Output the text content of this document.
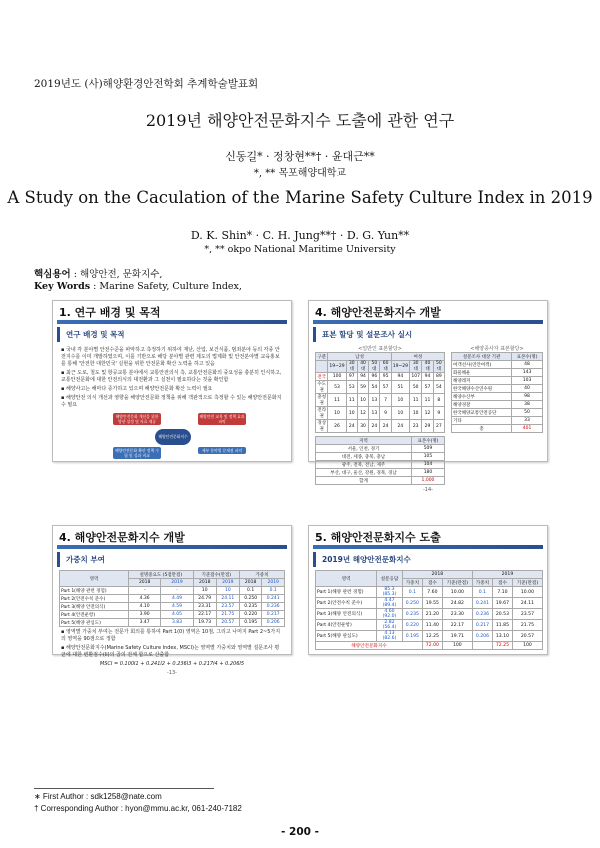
2019년도 (사)해양환경안전학회 추계학술발표회
2019년 해양안전문화지수 도출에 관한 연구
신동길* · 정창현**† · 윤대근**
*, ** 목포해양대학교
A Study on the Caculation of the Marine Safety Culture Index in 2019
D. K. Shin* · C. H. Jung**† · D. G. Yun**
*, ** okpo National Maritime University
핵심용어 : 해양안전, 문화지수,
Key Words : Marine Safety, Culture Index,
1. 연구 배경 및 목적
연구 배경 및 목적
▪ 국내 각 분야별 안전수준을 파악하고 측정하기 위하여 재난, 산업, 보건식품, 범죄분야 등의 각종 안전지수를 이미 개발하였으며, 이를 기반으로 해당 분야별 관련 제도의 법제화 및 안전분야별 교육홍보를 통해 '안전한 대한민국' 실현을 위한 안전문화 확산 노력을 하고 있음
▪ 최근 도로, 철도 및 항공교통 분야에서 교통안전의식 측, 교통안전문화의 중요성을 충분히 인식하고, 교통안전문화에 대한 안전의식의 대전환과 그 실천이 필요하다는 것을 확인함
▪ 해양사고는 해마다 증가하고 있으며 해양안전문화 확산 노력이 필요
▪ 해양안전 의식 개선과 영향을 해양안전문화 정책을 위해 객관적으로 측정할 수 있는 해양안전문화지수 필요
해양안전문화 개선을 위한 방향 설정 및 자료 제공
해양안전문화지수
해양안전 교육 및 정책 효과 파악
해양안전문화 확산 정책 수립 및 성과 비교
세부 분야별 문제점 파악
4. 해양안전문화지수 개발
표본 할당 및 설문조사 실시
<일반인 표본할당>
구분	남성					여성			
	19~29	30대	40대	50대	60대	19~29	30대	40대	50대
전국	100	97	94	96	95	94	107	94	89
수도권	53	53	59	54	57	51	50	57	54
충청권	11	11	10	13	7	10	11	11	8
전라권	10	10	12	13	9	10	10	12	9
경상권	26	24	30	24	24	24	23	29	27
지역	표본수(명)
서울, 인천, 경기	509
대전, 세종, 충북, 충남	105
광주, 전북, 전남, 제주	104
부산, 대구, 울산, 강원, 경북, 경남	180
합계	1,000
<해양종사자 표본할당>
설문조사 대상 기관	표본수(명)
여객선사(연안여객)	48
화물해운	143
해양레저	103
한국해양수산연수원	40
해양수산부	98
해양경찰	38
한국해양교통안전공단	50
기타	33
총	401
-14-
4. 해양안전문화지수 개발
가중치 부여
영역	설명중요도 (5점만점)		기준점수(만점)		가중치	
	2018	2019	2018	2019	2018	2019
Part 1(해양 관련 경험)	-	-	10	10	0.1	0.1
Part 2(안전수칙 준수)	4.36	4.49	24.79	24.11	0.250	0.241
Part 3(해양 안전의식)	4.10	4.59	23.31	23.57	0.235	0.236
Part 4(안전운항)	3.90	4.05	22.17	21.75	0.220	0.217
Part 5(해양 관심도)	3.47	3.83	19.73	20.57	0.195	0.206
▪ 영역별 가중치 부여는 전문가 회의를 통하여 Part 1(0) 영역은 10점, 그리고 나머지 Part 2~5가지의 영역을 90점으로 정함
▪ 해양안전문화지수(Marine Safety Culture Index, MSCI)는 영역별 가중치와 영역별 설문조사 평균에 대한 변환점수(Ii)의 곱의 전체 합으로 산출함
MSCI = 0.100I1 + 0.241I2 + 0.236I3 + 0.217I4 + 0.206I5
-13-
5. 해양안전문화지수 도출
2019년 해양안전문화지수
영역	설문응답	2018			2019		
		가중치	점수	기준(만점)	가중치	점수	기준(만점)
Part 1(해양 관련 경험)	85.3
(85.3)	0.1	7.60	10.00	0.1	7.10	10.00
Part 2(안전수칙 준수)	4.47
(89.4)	0.250	19.55	24.82	0.241	19.67	24.11
Part 3(해양 안전의식)	4.60
(92.0)	0.235	21.20	23.30	0.236	20.53	23.57
Part 4(안전운항)	2.82
(56.4)	0.220	11.40	22.17	0.217	11.85	21.75
Part 5(해양 관심도)	4.13
(82.6)	0.195	12.25	19.71	0.206	13.10	20.57
해양안전문화지수			72.00	100		72.25	100
∗ First Author : sdk1258@nate.com
† Corresponding Author : hyon@mmu.ac.kr, 061-240-7182
- 200 -
